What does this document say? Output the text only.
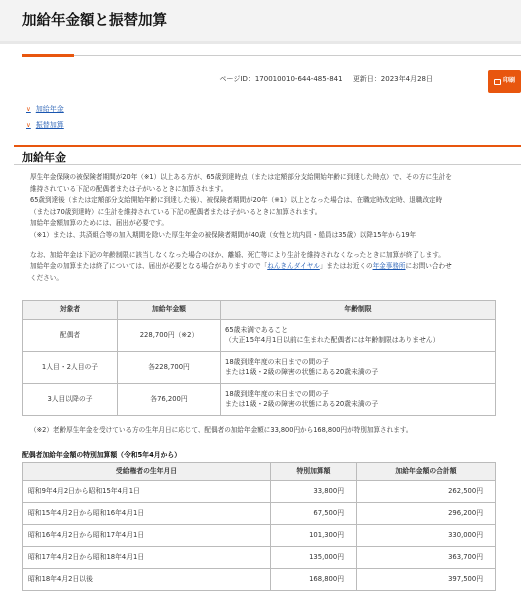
加給年金額と振替加算
ページID：170010010-644-485-841 更新日：2023年4月28日	印刷
∨ 加給年金
∨ 振替加算
加給年金

厚生年金保険の被保険者期間が20年（※1）以上ある方が、65歳到達時点（または定額部分支給開始年齢に到達した時点）で、その方に生計を

維持されている下記の配偶者または子がいるときに加算されます。

65歳到達後（または定額部分支給開始年齢に到達した後）、被保険者期間が20年（※1）以上となった場合は、在職定時改定時、退職改定時

（または70歳到達時）に生計を維持されている下記の配偶者または子がいるときに加算されます。

加給年金額加算のためには、届出が必要です。

（※1）または、共済組合等の加入期間を除いた厚生年金の被保険者期間が40歳（女性と坑内員・船員は35歳）以降15年から19年

なお、加給年金は下記の年齢制限に該当しなくなった場合のほか、離婚、死亡等により生計を維持されなくなったときに加算が終了します。

加給年金の加算または終了については、届出が必要となる場合がありますので「ねんきんダイヤル」またはお近くの年金事務所にお問い合わせ

ください。

対象者	加給年金額	年齢制限
配偶者	228,700円（※2）	65歳未満であること
（大正15年4月1日以前に生まれた配偶者には年齢制限はありません）

1人目・2人目の子	各228,700円	18歳到達年度の末日までの間の子
または1級・2級の障害の状態にある20歳未満の子

3人目以降の子	各76,200円	18歳到達年度の末日までの間の子
または1級・2級の障害の状態にある20歳未満の子
（※2）老齢厚生年金を受けている方の生年月日に応じて、配偶者の加給年金額に33,800円から168,800円が特別加算されます。
配偶者加給年金額の特別加算額（令和5年4月から）
受給権者の生年月日	特別加算額	加給年金額の合計額
昭和9年4月2日から昭和15年4月1日	33,800円	262,500円
昭和15年4月2日から昭和16年4月1日	67,500円	296,200円
昭和16年4月2日から昭和17年4月1日	101,300円	330,000円
昭和17年4月2日から昭和18年4月1日	135,000円	363,700円
昭和18年4月2日以後	168,800円	397,500円
